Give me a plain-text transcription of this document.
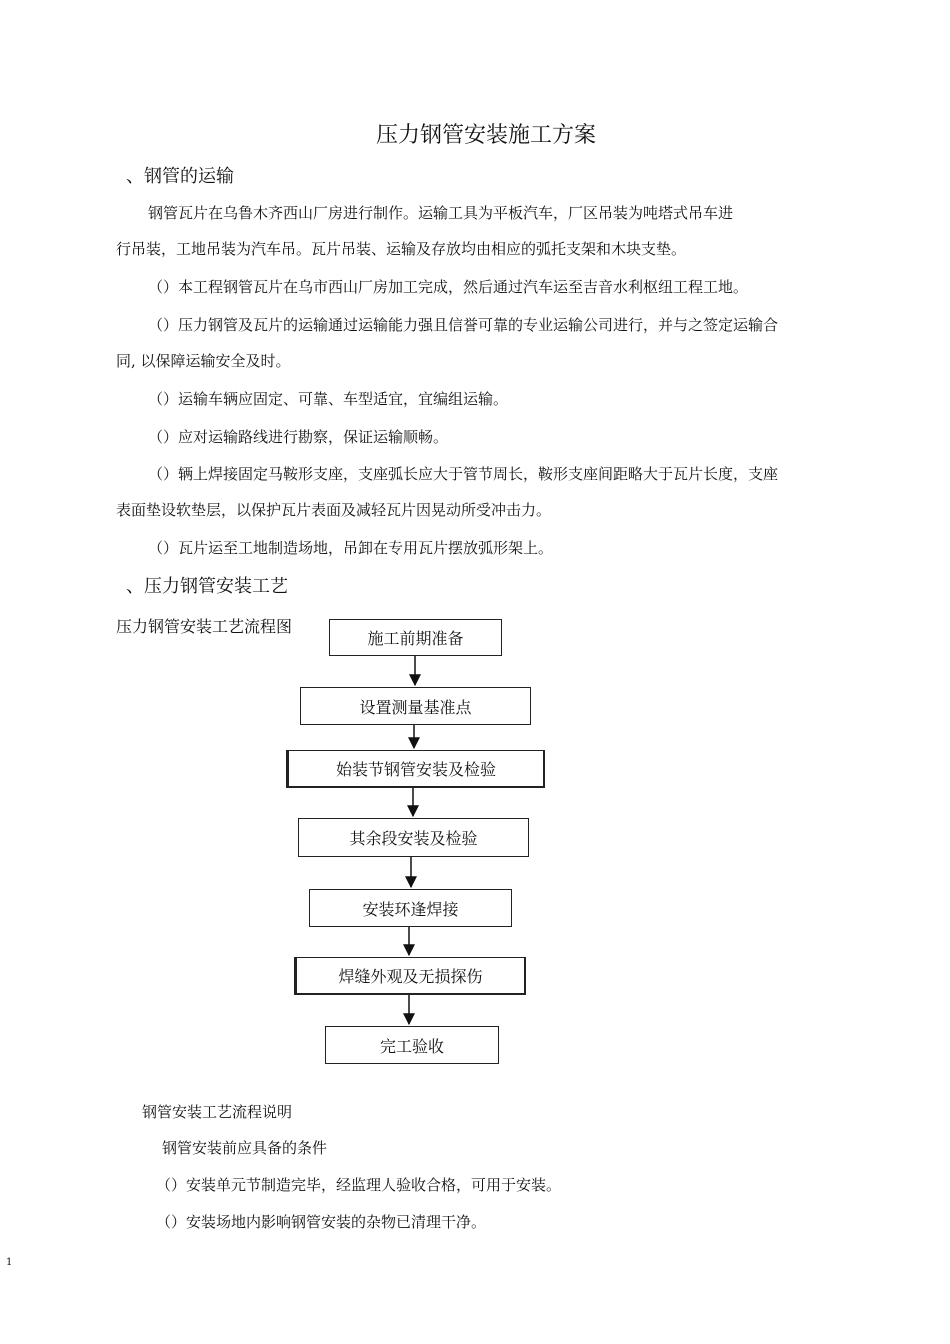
压力钢管安装施工方案
、钢管的运输
钢管瓦片在乌鲁木齐西山厂房进行制作。运输工具为平板汽车，厂区吊装为吨塔式吊车进
行吊装，工地吊装为汽车吊。瓦片吊装、运输及存放均由相应的弧托支架和木块支垫。
（）本工程钢管瓦片在乌市西山厂房加工完成，然后通过汽车运至吉音水利枢纽工程工地。
（）压力钢管及瓦片的运输通过运输能力强且信誉可靠的专业运输公司进行，并与之签定运输合
同, 以保障运输安全及时。
（）运输车辆应固定、可靠、车型适宜，宜编组运输。
（）应对运输路线进行勘察，保证运输顺畅。
（）辆上焊接固定马鞍形支座，支座弧长应大于管节周长，鞍形支座间距略大于瓦片长度，支座
表面垫设软垫层，以保护瓦片表面及减轻瓦片因晃动所受冲击力。
（）瓦片运至工地制造场地，吊卸在专用瓦片摆放弧形架上。
、压力钢管安装工艺
压力钢管安装工艺流程图
施工前期准备
设置测量基准点
始装节钢管安装及检验
其余段安装及检验
安装环逢焊接
焊缝外观及无损探伤
完工验收
钢管安装工艺流程说明
钢管安装前应具备的条件
（）安装单元节制造完毕，经监理人验收合格，可用于安装。
（）安装场地内影响钢管安装的杂物已清理干净。
1
